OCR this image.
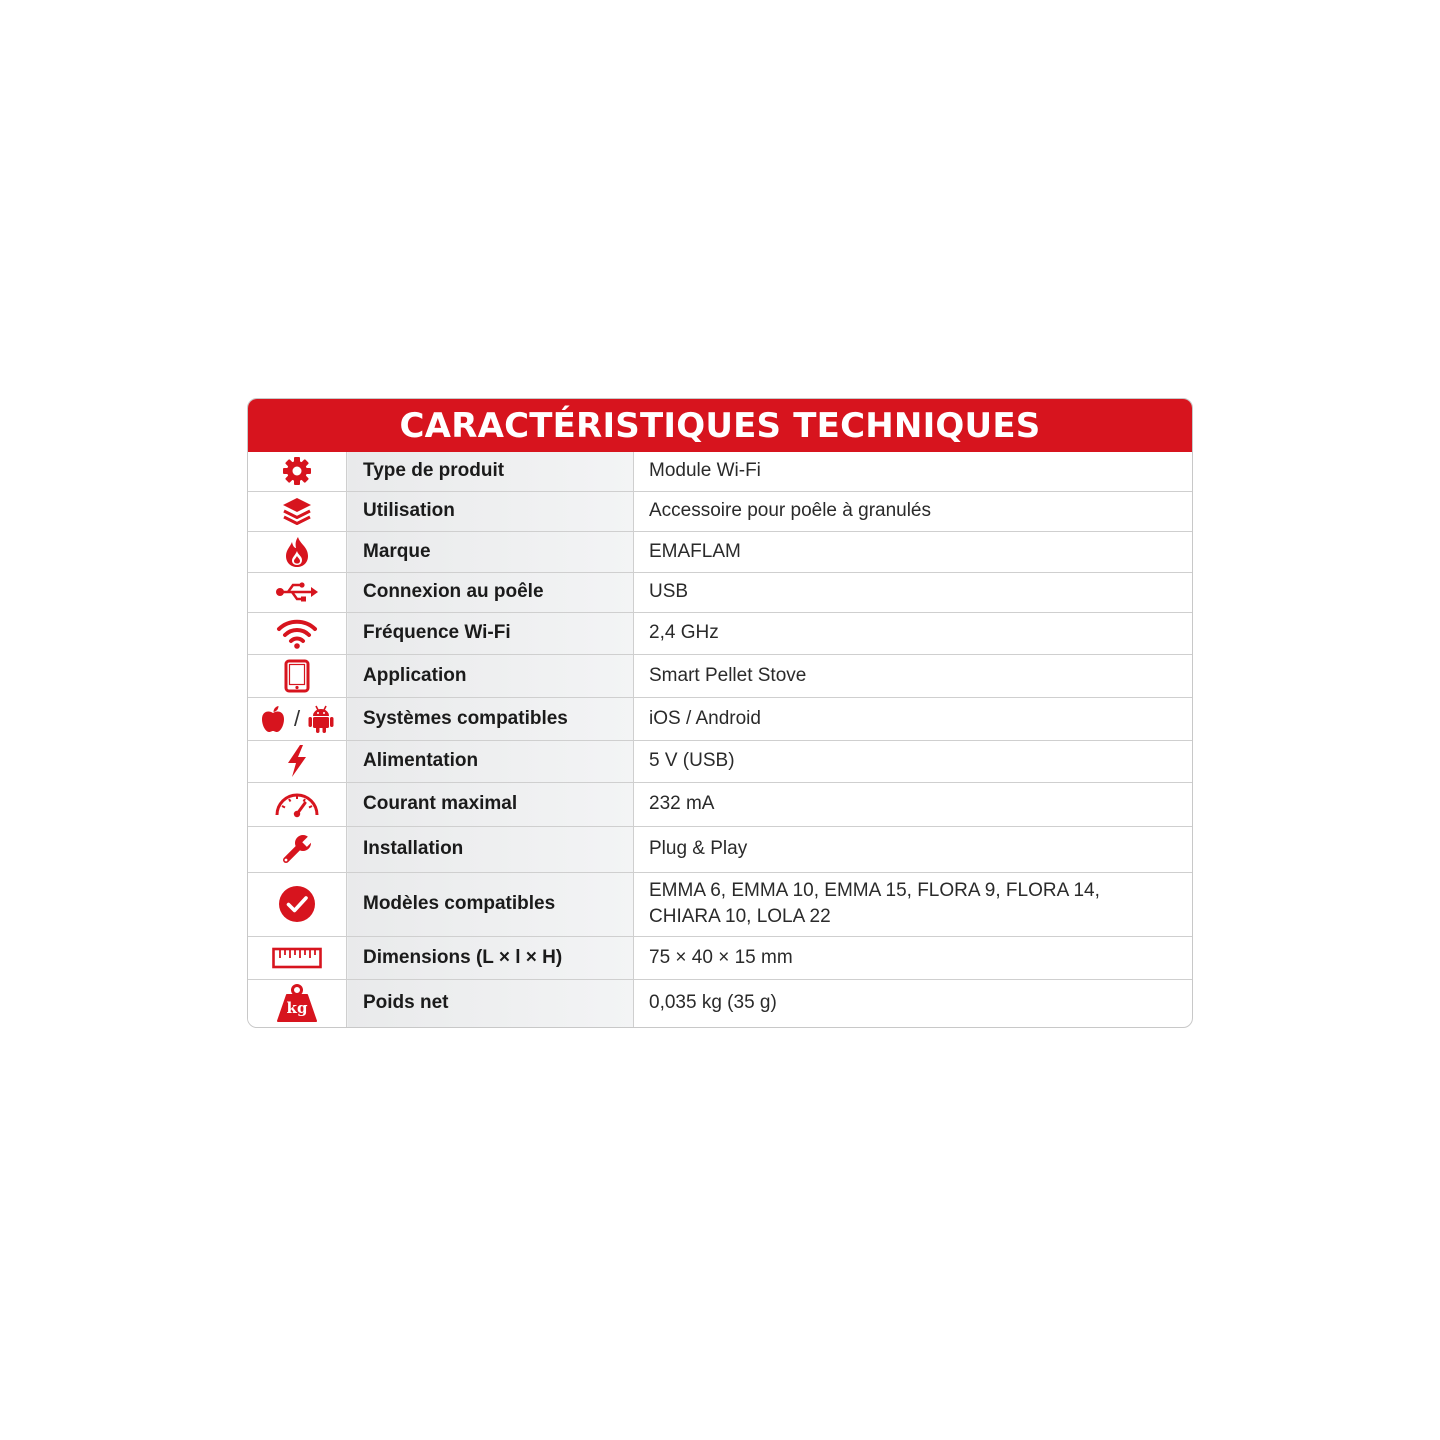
CARACTÉRISTIQUES TECHNIQUES
	Type de produit	Module Wi-Fi

	Utilisation	Accessoire pour poêle à granulés

	Marque	EMAFLAM

	Connexion au poêle	USB

	Fréquence Wi-Fi	2,4 GHz

	Application	Smart Pellet Stove

/	Systèmes compatibles	iOS / Android

	Alimentation	5 V (USB)

	Courant maximal	232 mA

	Installation	Plug & Play

	Modèles compatibles	EMMA 6, EMMA 10, EMMA 15, FLORA 9, FLORA 14,
CHIARA 10, LOLA 22

	Dimensions (L × l × H)	75 × 40 × 15 mm

kg	Poids net	0,035 kg (35 g)
